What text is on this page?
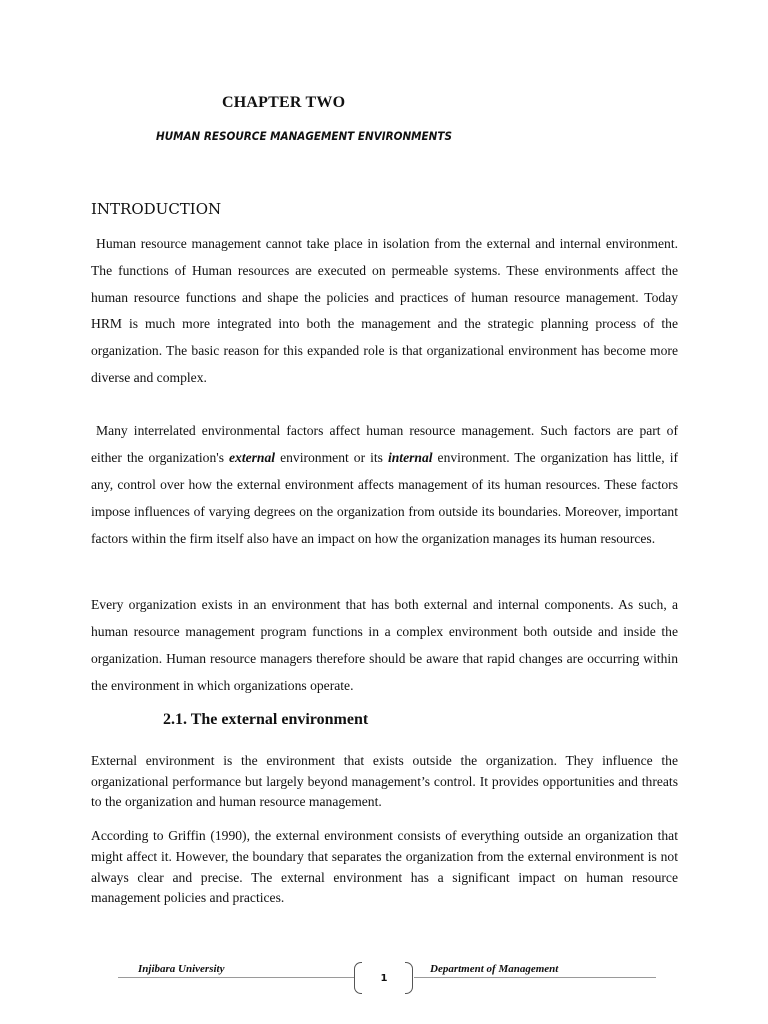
CHAPTER TWO
HUMAN RESOURCE MANAGEMENT ENVIRONMENTS
INTRODUCTION

Human resource management cannot take place in isolation from the external and internal environment. The functions of Human resources are executed on permeable systems. These environments affect the human resource functions and shape the policies and practices of human resource management. Today HRM is much more integrated into both the management and the strategic planning process of the organization. The basic reason for this expanded role is that organizational environment has become more diverse and complex.

Many interrelated environmental factors affect human resource management. Such factors are part of either the organization's external environment or its internal environment. The organization has little, if any, control over how the external environment affects management of its human resources. These factors impose influences of varying degrees on the organization from outside its boundaries. Moreover, important factors within the firm itself also have an impact on how the organization manages its human resources.

Every organization exists in an environment that has both external and internal components. As such, a human resource management program functions in a complex environment both outside and inside the organization. Human resource managers therefore should be aware that rapid changes are occurring within the environment in which organizations operate.

2.1. The external environment

External environment is the environment that exists outside the organization. They influence the organizational performance but largely beyond management’s control. It provides opportunities and threats to the organization and human resource management.

According to Griffin (1990), the external environment consists of everything outside an organization that might affect it. However, the boundary that separates the organization from the external environment is not always clear and precise. The external environment has a significant impact on human resource management policies and practices.

Injibara University	Department of Management
1
